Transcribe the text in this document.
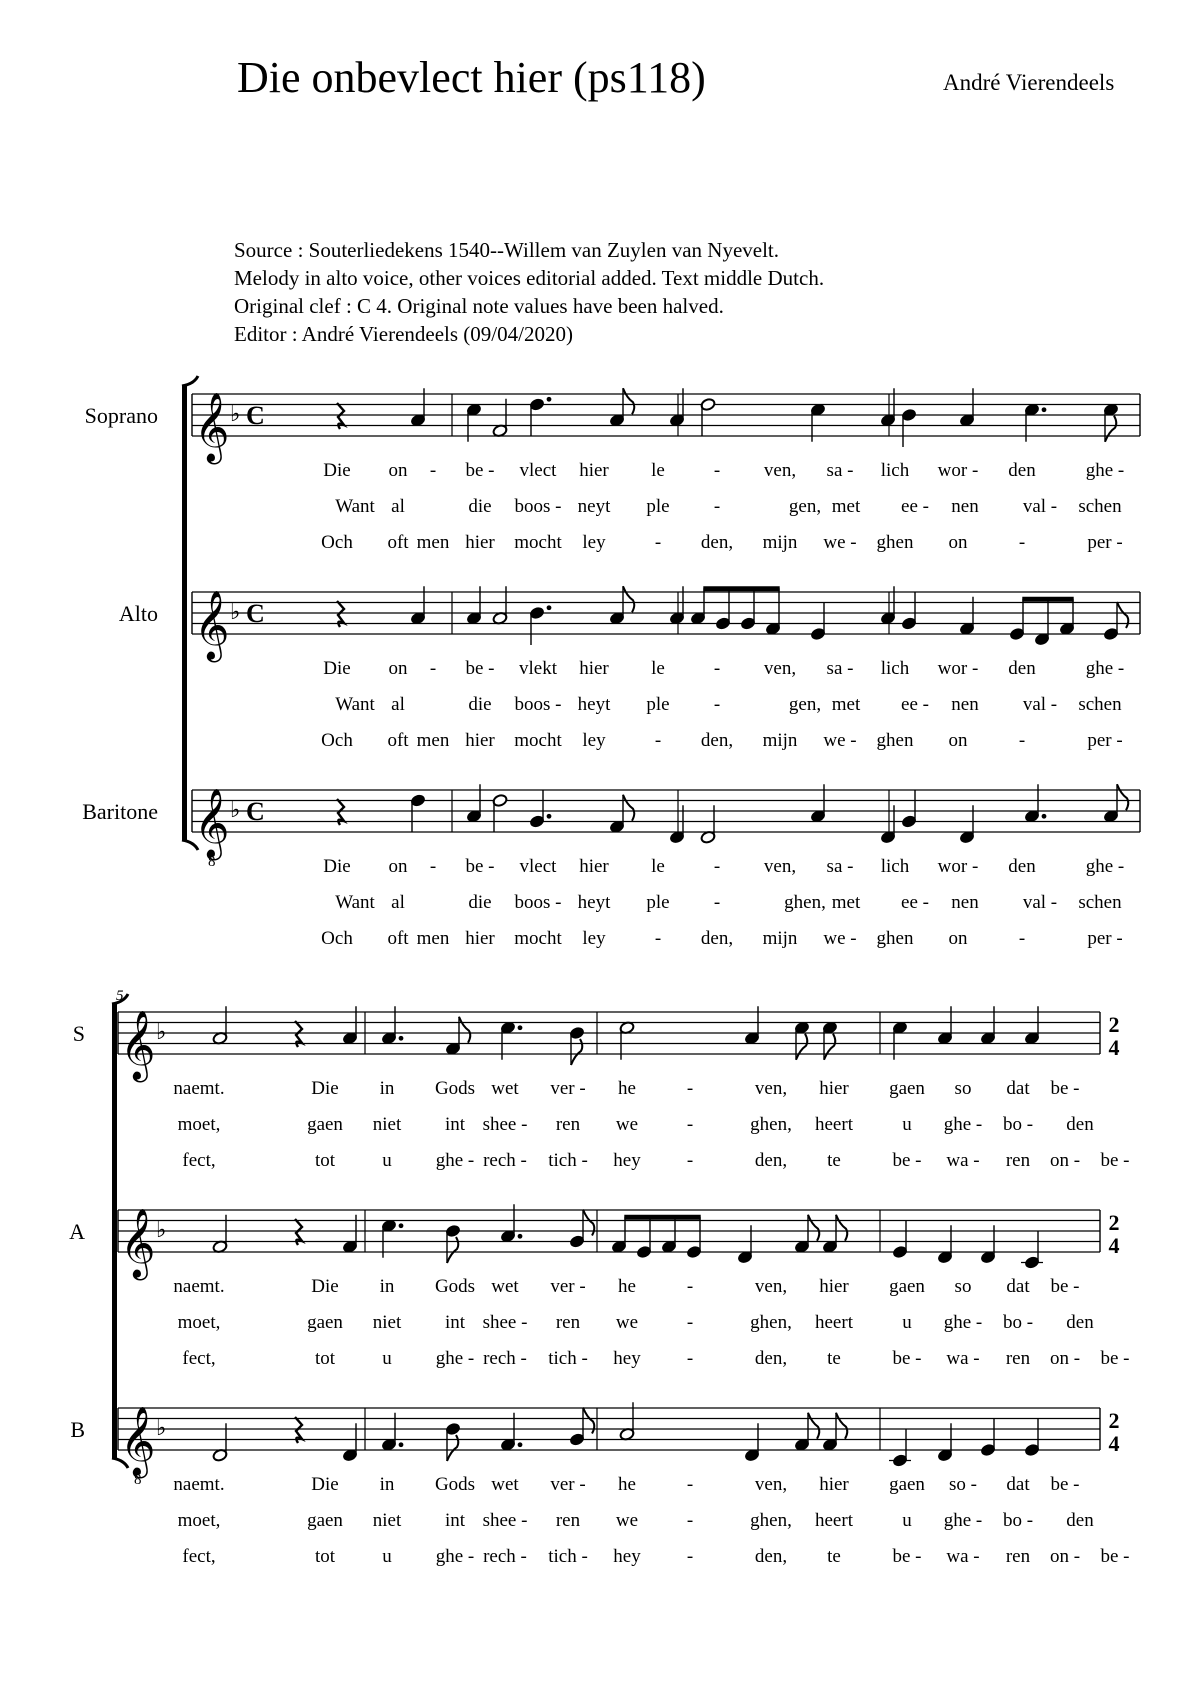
Die onbevlect hier (ps118)	André Vierendeels
Source : Souterliedekens 1540--Willem van Zuylen van Nyevelt.
Melody in alto voice, other voices editorial added. Text middle Dutch.
Original clef : C 4. Original note values have been halved.
Editor : André Vierendeels (09/04/2020)
Soprano 𝄞 ♭ C
Die on - be - vlect hier le	- ven, sa - lich wor - den	ghe -
Want al	die boos - neyt ple -	gen, met ee - nen val - schen
Och oft men hier mocht ley	- den, mijn we - ghen on	-	per -
Alto 𝄞 ♭ C
Die on - be - vlekt hier le	- ven, sa - lich wor - den	ghe -
Want al	die boos - heyt ple -	gen, met ee - nen val - schen
Och oft men hier mocht ley	- den, mijn we - ghen on	-	per -
Baritone 𝄞
8
♭ C
Die on - be - vlect hier le	- ven, sa - lich wor - den	ghe -
Want al	die boos - heyt ple -	ghen, met ee - nen val - schen
Och oft men hier mocht ley	- den, mijn we - ghen on	-	per -
5
S 𝄞 ♭	2
4
naemt.	Die in Gods wet ver - he	-	ven, hier gaen so dat be -
moet,	gaen niet int shee - ren we	-	ghen, heert	u ghe - bo - den
fect,	tot u ghe - rech - tich - hey -	den, te	be - wa - ren on - be -
A 𝄞 ♭	2
4
naemt.	Die in Gods wet ver - he	-	ven, hier gaen so dat be -
moet,	gaen niet int shee - ren we	-	ghen, heert	u ghe - bo - den
fect,	tot u ghe - rech - tich - hey -	den, te	be - wa - ren on - be -
B 𝄞
8
♭	2
4
naemt.	Die in Gods wet ver - he	-	ven, hier gaen so - dat be -
moet,	gaen niet int shee - ren we	-	ghen, heert	u ghe - bo - den
fect,	tot u ghe - rech - tich - hey -	den, te	be - wa - ren on - be -
